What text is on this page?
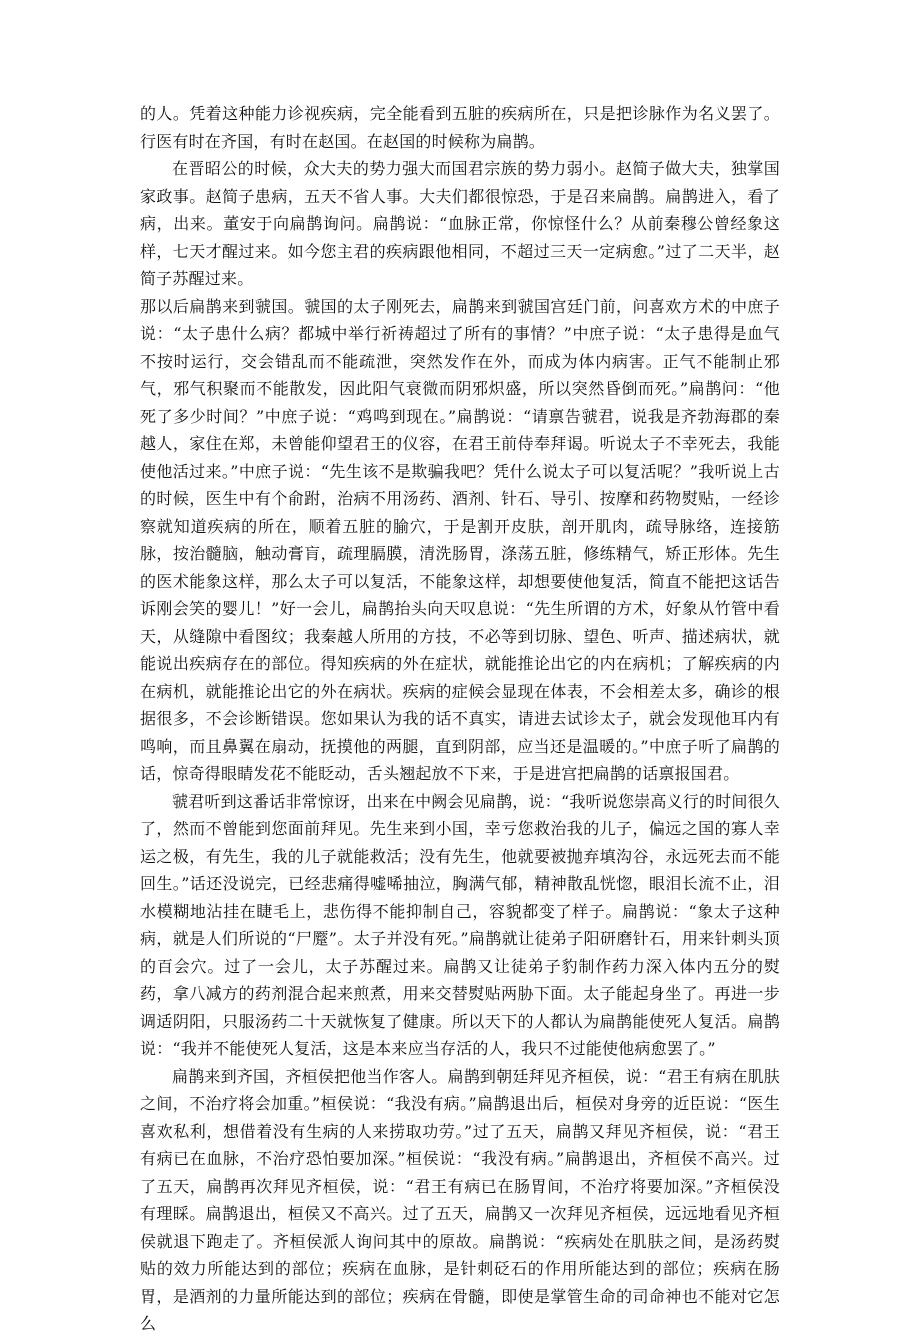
的人。凭着这种能力诊视疾病，完全能看到五脏的疾病所在，只是把诊脉作为名义罢了。行医有时在齐国，有时在赵国。在赵国的时候称为扁鹊。

在晋昭公的时候，众大夫的势力强大而国君宗族的势力弱小。赵简子做大夫，独掌国家政事。赵简子患病，五天不省人事。大夫们都很惊恐，于是召来扁鹊。扁鹊进入，看了病，出来。董安于向扁鹊询问。扁鹊说：“血脉正常，你惊怪什么？从前秦穆公曾经象这样，七天才醒过来。如今您主君的疾病跟他相同，不超过三天一定病愈。”过了二天半，赵简子苏醒过来。

那以后扁鹊来到虢国。虢国的太子刚死去，扁鹊来到虢国宫廷门前，问喜欢方术的中庶子说：“太子患什么病？都城中举行祈祷超过了所有的事情？”中庶子说：“太子患得是血气不按时运行，交会错乱而不能疏泄，突然发作在外，而成为体内病害。正气不能制止邪气，邪气积聚而不能散发，因此阳气衰微而阴邪炽盛，所以突然昏倒而死。”扁鹊问：“他死了多少时间？”中庶子说：“鸡鸣到现在。”扁鹊说：“请禀告虢君，说我是齐勃海郡的秦越人，家住在郑，未曾能仰望君王的仪容，在君王前侍奉拜谒。听说太子不幸死去，我能使他活过来。”中庶子说：“先生该不是欺骗我吧？凭什么说太子可以复活呢？”我听说上古的时候，医生中有个俞跗，治病不用汤药、酒剂、针石、导引、按摩和药物熨贴，一经诊察就知道疾病的所在，顺着五脏的腧穴，于是割开皮肤，剖开肌肉，疏导脉络，连接筋脉，按治髓脑，触动膏肓，疏理膈膜，清洗肠胃，涤荡五脏，修练精气，矫正形体。先生的医术能象这样，那么太子可以复活，不能象这样，却想要使他复活，简直不能把这话告诉刚会笑的婴儿！”好一会儿，扁鹊抬头向天叹息说：“先生所谓的方术，好象从竹管中看天，从缝隙中看图纹；我秦越人所用的方技，不必等到切脉、望色、听声、描述病状，就能说出疾病存在的部位。得知疾病的外在症状，就能推论出它的内在病机；了解疾病的内在病机，就能推论出它的外在病状。疾病的症候会显现在体表，不会相差太多，确诊的根据很多，不会诊断错误。您如果认为我的话不真实，请进去试诊太子，就会发现他耳内有鸣响，而且鼻翼在扇动，抚摸他的两腿，直到阴部，应当还是温暖的。”中庶子听了扁鹊的话，惊奇得眼睛发花不能眨动，舌头翘起放不下来，于是进宫把扁鹊的话禀报国君。

虢君听到这番话非常惊讶，出来在中阙会见扁鹊，说：“我听说您崇高义行的时间很久了，然而不曾能到您面前拜见。先生来到小国，幸亏您救治我的儿子，偏远之国的寡人幸运之极，有先生，我的儿子就能救活；没有先生，他就要被抛弃填沟谷，永远死去而不能回生。”话还没说完，已经悲痛得嘘唏抽泣，胸满气郁，精神散乱恍惚，眼泪长流不止，泪水模糊地沾挂在睫毛上，悲伤得不能抑制自己，容貌都变了样子。扁鹊说：“象太子这种病，就是人们所说的“尸蹷”。太子并没有死。”扁鹊就让徒弟子阳研磨针石，用来针刺头顶的百会穴。过了一会儿，太子苏醒过来。扁鹊又让徒弟子豹制作药力深入体内五分的熨药，拿八减方的药剂混合起来煎煮，用来交替熨贴两胁下面。太子能起身坐了。再进一步调适阴阳，只服汤药二十天就恢复了健康。所以天下的人都认为扁鹊能使死人复活。扁鹊说：“我并不能使死人复活，这是本来应当存活的人，我只不过能使他病愈罢了。”

扁鹊来到齐国，齐桓侯把他当作客人。扁鹊到朝廷拜见齐桓侯，说：“君王有病在肌肤之间，不治疗将会加重。”桓侯说：“我没有病。”扁鹊退出后，桓侯对身旁的近臣说：“医生喜欢私利，想借着没有生病的人来捞取功劳。”过了五天，扁鹊又拜见齐桓侯，说：“君王有病已在血脉，不治疗恐怕要加深。”桓侯说：“我没有病。”扁鹊退出，齐桓侯不高兴。过了五天，扁鹊再次拜见齐桓侯，说：“君王有病已在肠胃间，不治疗将要加深。”齐桓侯没有理睬。扁鹊退出，桓侯又不高兴。过了五天，扁鹊又一次拜见齐桓侯，远远地看见齐桓侯就退下跑走了。齐桓侯派人询问其中的原故。扁鹊说：“疾病处在肌肤之间，是汤药熨贴的效力所能达到的部位；疾病在血脉，是针刺砭石的作用所能达到的部位；疾病在肠胃，是酒剂的力量所能达到的部位；疾病在骨髓，即使是掌管生命的司命神也不能对它怎么
